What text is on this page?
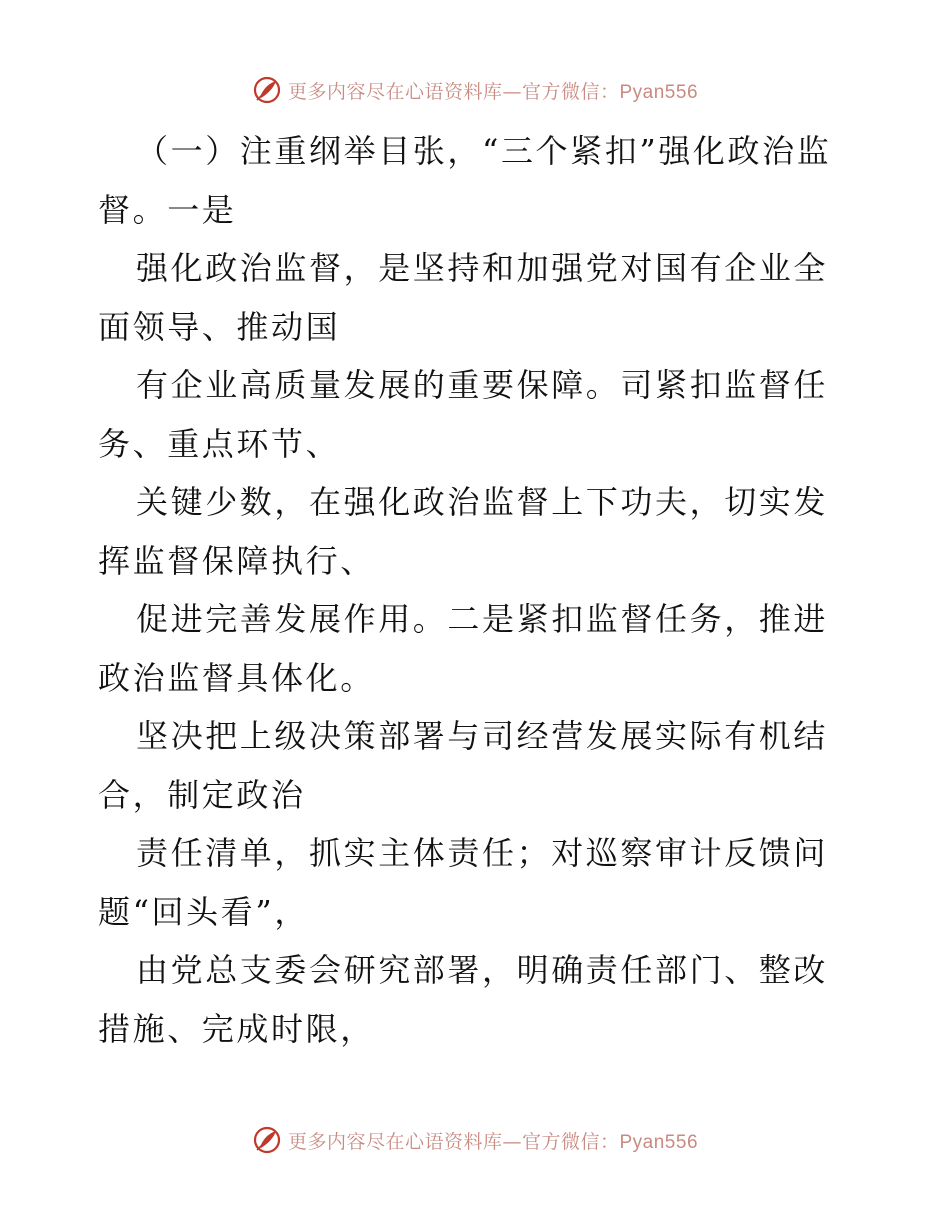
更多内容尽在心语资料库—官方微信：Pyan556

（一）注重纲举目张，“三个紧扣”强化政治监督。一是

强化政治监督，是坚持和加强党对国有企业全面领导、推动国

有企业高质量发展的重要保障。司紧扣监督任务、重点环节、

关键少数，在强化政治监督上下功夫，切实发挥监督保障执行、

促进完善发展作用。二是紧扣监督任务，推进政治监督具体化。

坚决把上级决策部署与司经营发展实际有机结合，制定政治

责任清单，抓实主体责任；对巡察审计反馈问题“回头看”，

由党总支委会研究部署，明确责任部门、整改措施、完成时限，

更多内容尽在心语资料库—官方微信：Pyan556
